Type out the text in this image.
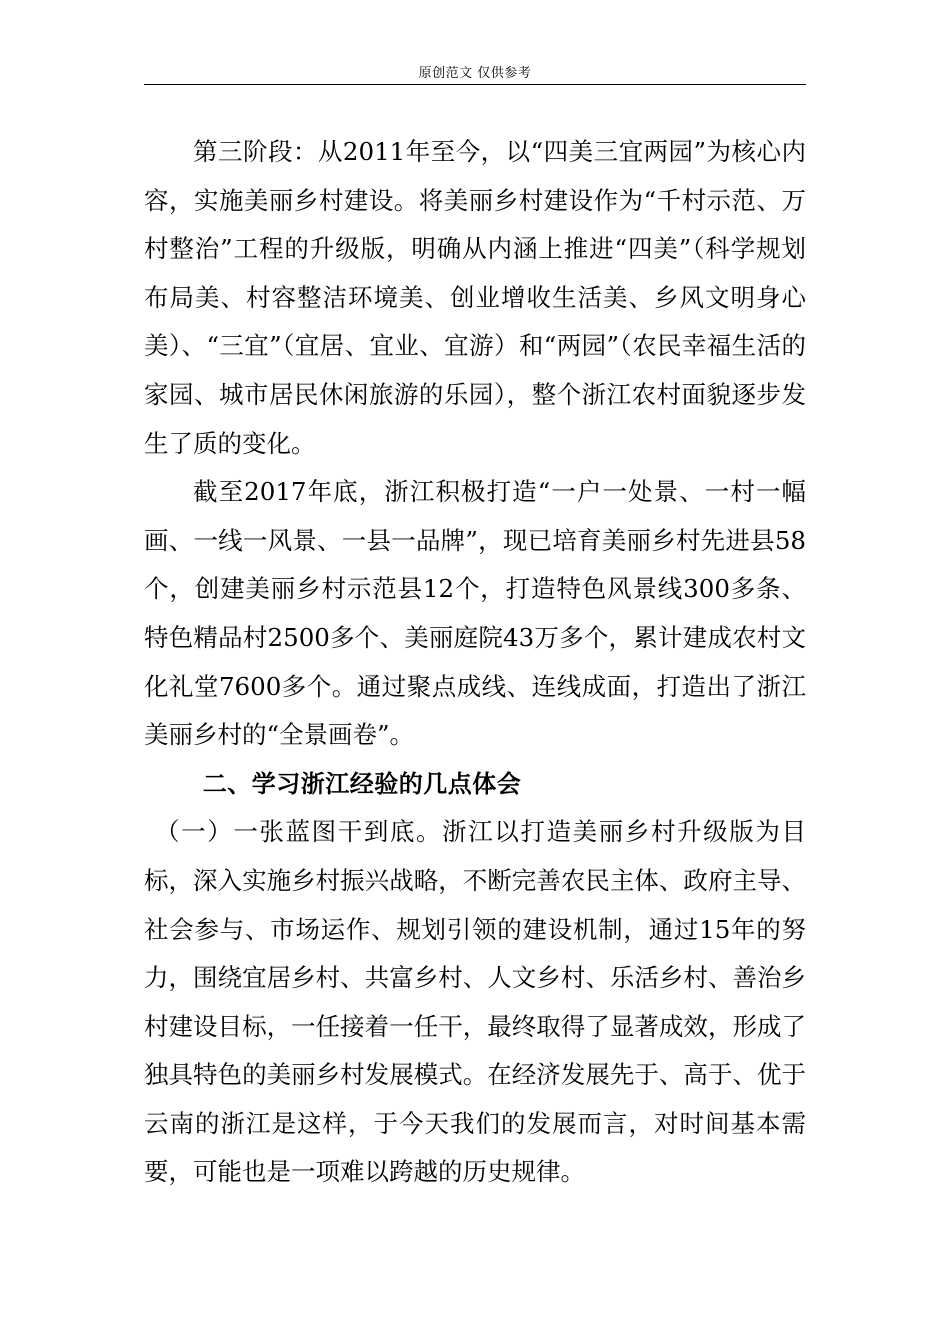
原创范文 仅供参考

第三阶段：从2011年至今，以“四美三宜两园”为核心内容，实施美丽乡村建设。将美丽乡村建设作为“千村示范、万村整治”工程的升级版，明确从内涵上推进“四美”（科学规划布局美、村容整洁环境美、创业增收生活美、乡风文明身心美）、“三宜”（宜居、宜业、宜游）和“两园”（农民幸福生活的家园、城市居民休闲旅游的乐园），整个浙江农村面貌逐步发生了质的变化。

截至2017年底，浙江积极打造“一户一处景、一村一幅画、一线一风景、一县一品牌”，现已培育美丽乡村先进县58个，创建美丽乡村示范县12个，打造特色风景线300多条、特色精品村2500多个、美丽庭院43万多个，累计建成农村文化礼堂7600多个。通过聚点成线、连线成面，打造出了浙江美丽乡村的“全景画卷”。

二、学习浙江经验的几点体会

（一）一张蓝图干到底。浙江以打造美丽乡村升级版为目标，深入实施乡村振兴战略，不断完善农民主体、政府主导、社会参与、市场运作、规划引领的建设机制，通过15年的努力，围绕宜居乡村、共富乡村、人文乡村、乐活乡村、善治乡村建设目标，一任接着一任干，最终取得了显著成效，形成了独具特色的美丽乡村发展模式。在经济发展先于、高于、优于云南的浙江是这样，于今天我们的发展而言，对时间基本需要，可能也是一项难以跨越的历史规律。
